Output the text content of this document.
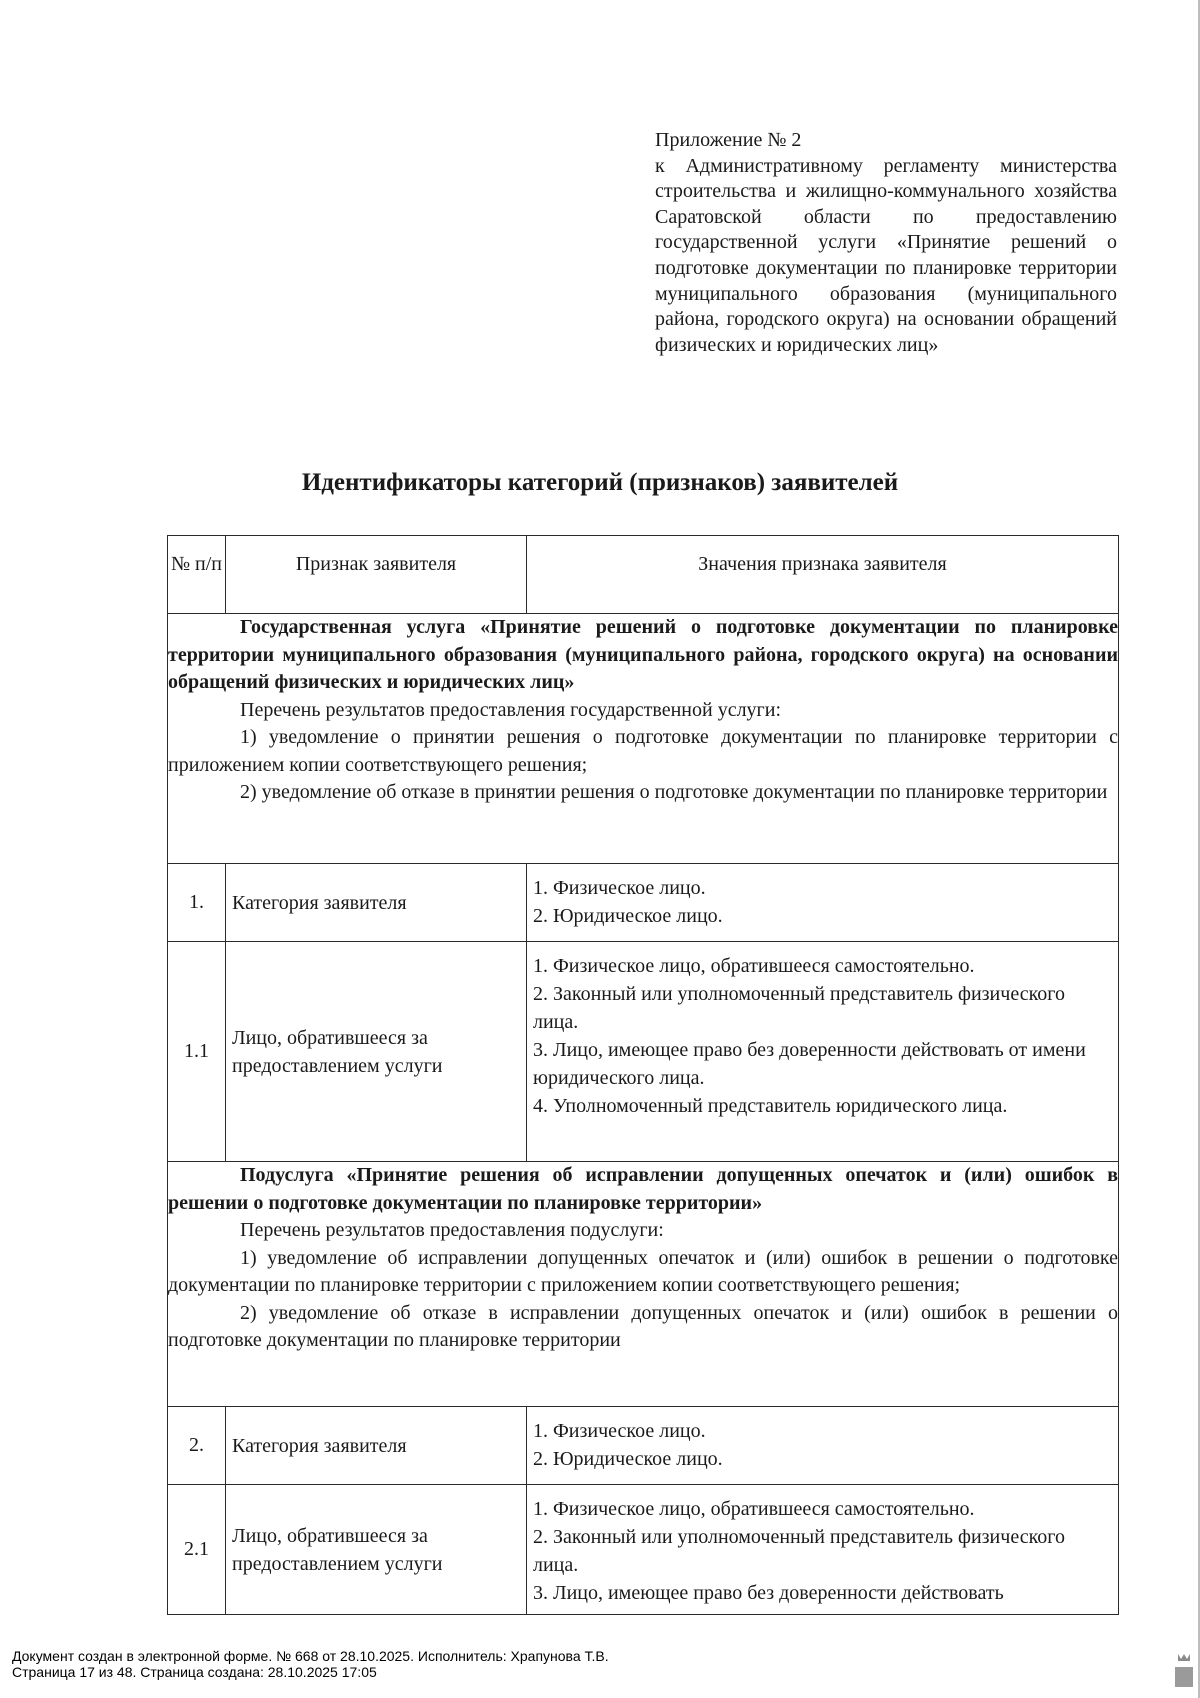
Приложение № 2
к Административному регламенту министерства строительства и жилищно-коммунального хозяйства Саратовской области по предоставлению государственной услуги «Принятие решений о подготовке документации по планировке территории муниципального образования (муниципального района, городского округа) на основании обращений физических и юридических лиц»
Идентификаторы категорий (признаков) заявителей
№ п/п	Признак заявителя	Значения признака заявителя

Государственная услуга «Принятие решений о подготовке документации по планировке территории муниципального образования (муниципального района, городского округа) на основании обращений физических и юридических лиц»

Перечень результатов предоставления государственной услуги:

1) уведомление о принятии решения о подготовке документации по планировке территории с приложением копии соответствующего решения;

2) уведомление об отказе в принятии решения о подготовке документации по планировке территории		

1.	Категория заявителя	1. Физическое лицо.
2. Юридическое лицо.

1.1	Лицо, обратившееся за предоставлением услуги	1. Физическое лицо, обратившееся самостоятельно.
2. Законный или уполномоченный представитель физического лица.
3. Лицо, имеющее право без доверенности действовать от имени юридического лица.
4. Уполномоченный представитель юридического лица.

Подуслуга «Принятие решения об исправлении допущенных опечаток и (или) ошибок в решении о подготовке документации по планировке территории»

Перечень результатов предоставления подуслуги:

1) уведомление об исправлении допущенных опечаток и (или) ошибок в решении о подготовке документации по планировке территории с приложением копии соответствующего решения;

2) уведомление об отказе в исправлении допущенных опечаток и (или) ошибок в решении о подготовке документации по планировке территории		

2.	Категория заявителя	1. Физическое лицо.
2. Юридическое лицо.

2.1	Лицо, обратившееся за предоставлением услуги	1. Физическое лицо, обратившееся самостоятельно.
2. Законный или уполномоченный представитель физического лица.
3. Лицо, имеющее право без доверенности действовать
Документ создан в электронной форме. № 668 от 28.10.2025. Исполнитель: Храпунова Т.В.
Страница 17 из 48. Страница создана: 28.10.2025 17:05
